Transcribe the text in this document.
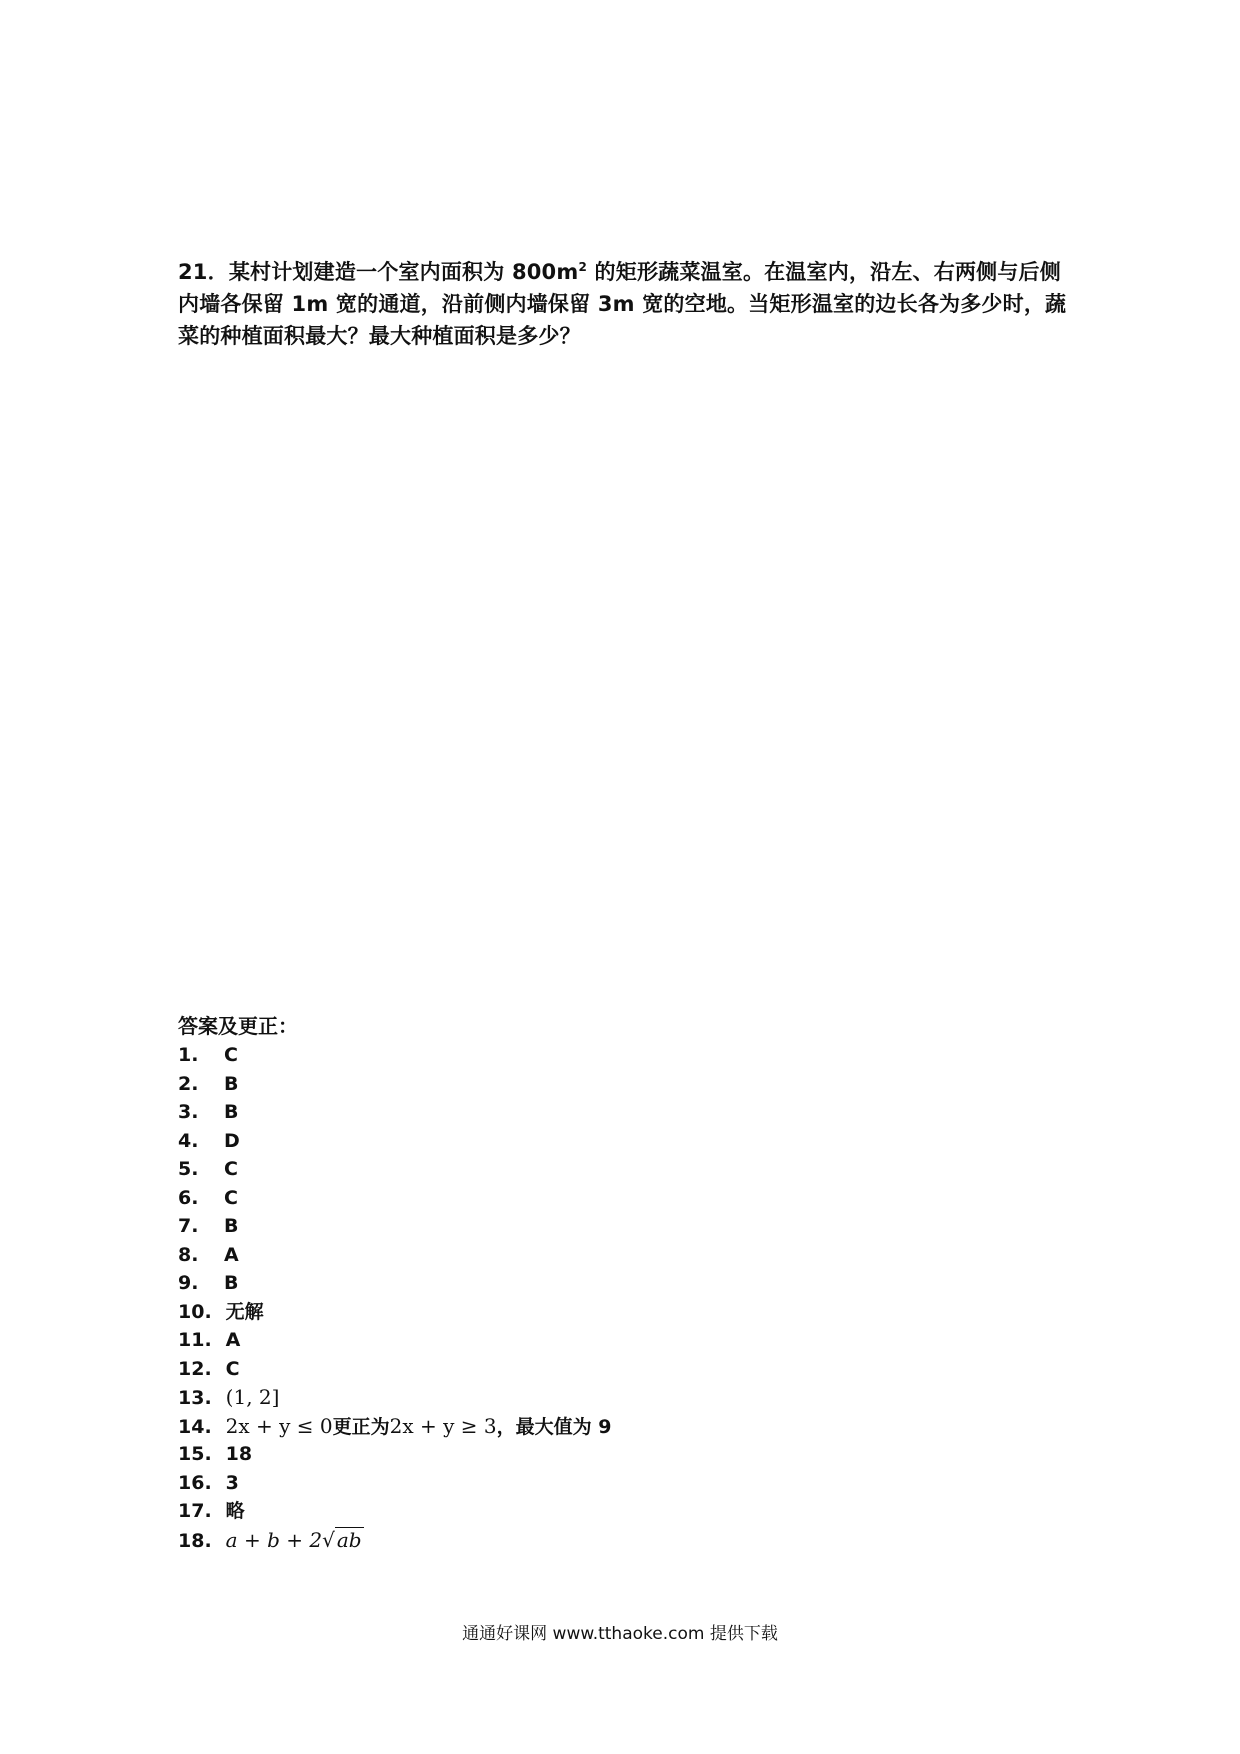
21．某村计划建造一个室内面积为 $800m^2$ 的矩形蔬菜温室。在温室内，沿左、右两侧与后侧内墙各保留 1m 宽的通道，沿前侧内墙保留 3m 宽的空地。当矩形温室的边长各为多少时，蔬菜的种植面积最大？最大种植面积是多少？
答案及更正：
1. C
2. B
3. B
4. D
5. C
6. C
7. B
8. A
9. B
10. 无解
11. A
12. C
13. (1, 2]
14. 2x + y ≤ 0更正为2x + y ≥ 3，最大值为 9
15. 18
16. 3
17. 略
18. a + b + 2√ ab
通通好课网 www.tthaoke.com 提供下载
